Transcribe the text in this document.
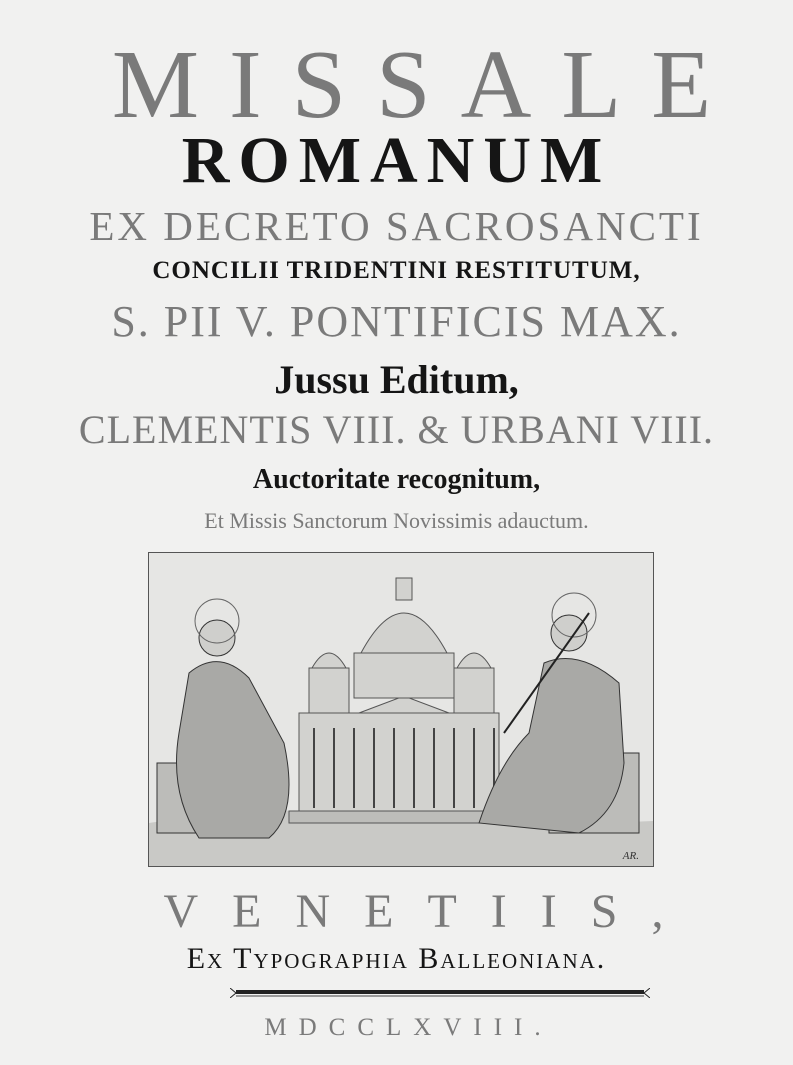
MISSALE
ROMANUM
EX DECRETO SACROSANCTI
CONCILII TRIDENTINI RESTITUTUM,
S. PII V. PONTIFICIS MAX.
Jussu Editum,
CLEMENTIS VIII. & URBANI VIII.
Auctoritate recognitum,
Et Missis Sanctorum Novissimis adauctum.
AR.
VENETIIS,
Ex Typographia Balleoniana.
MDCCLXVIII.
